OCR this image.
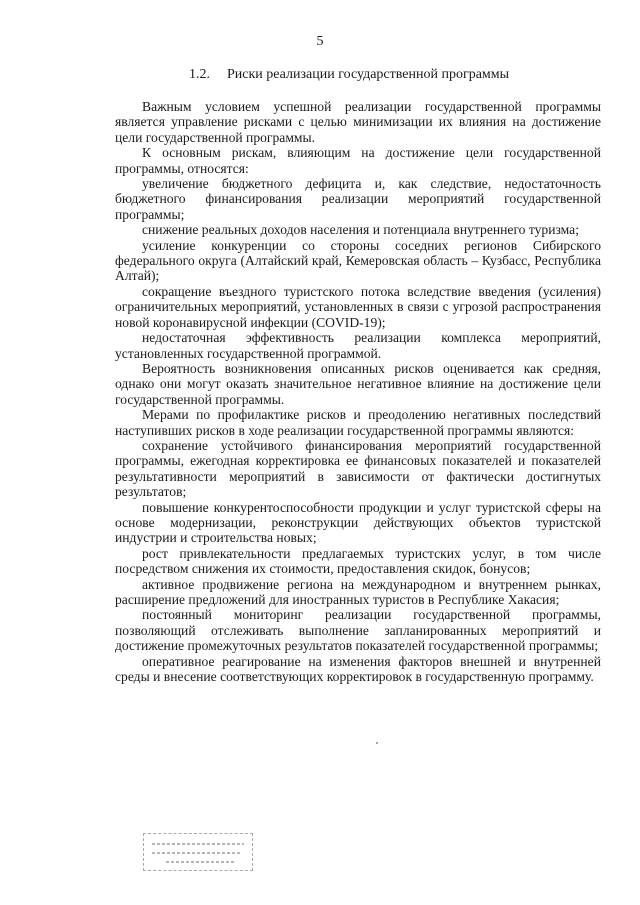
5
1.2. Риски реализации государственной программы

Важным условием успешной реализации государственной программы является управление рисками с целью минимизации их влияния на достижение цели государственной программы.

К основным рискам, влияющим на достижение цели государственной программы, относятся:

увеличение бюджетного дефицита и, как следствие, недостаточность бюджетного финансирования реализации мероприятий государственной программы;

снижение реальных доходов населения и потенциала внутреннего туризма;

усиление конкуренции со стороны соседних регионов Сибирского федерального округа (Алтайский край, Кемеровская область – Кузбасс, Республика Алтай);

сокращение въездного туристского потока вследствие введения (усиления) ограничительных мероприятий, установленных в связи с угрозой распространения новой коронавирусной инфекции (COVID-19);

недостаточная эффективность реализации комплекса мероприятий, установленных государственной программой.

Вероятность возникновения описанных рисков оценивается как средняя, однако они могут оказать значительное негативное влияние на достижение цели государственной программы.

Мерами по профилактике рисков и преодолению негативных последствий наступивших рисков в ходе реализации государственной программы являются:

сохранение устойчивого финансирования мероприятий государственной программы, ежегодная корректировка ее финансовых показателей и показателей результативности мероприятий в зависимости от фактически достигнутых результатов;

повышение конкурентоспособности продукции и услуг туристской сферы на основе модернизации, реконструкции действующих объектов туристской индустрии и строительства новых;

рост привлекательности предлагаемых туристских услуг, в том числе посредством снижения их стоимости, предоставления скидок, бонусов;

активное продвижение региона на международном и внутреннем рынках, расширение предложений для иностранных туристов в Республике Хакасия;

постоянный мониторинг реализации государственной программы, позволяющий отслеживать выполнение запланированных мероприятий и достижение промежуточных результатов показателей государственной программы;

оперативное реагирование на изменения факторов внешней и внутренней среды и внесение соответствующих корректировок в государственную программу.
